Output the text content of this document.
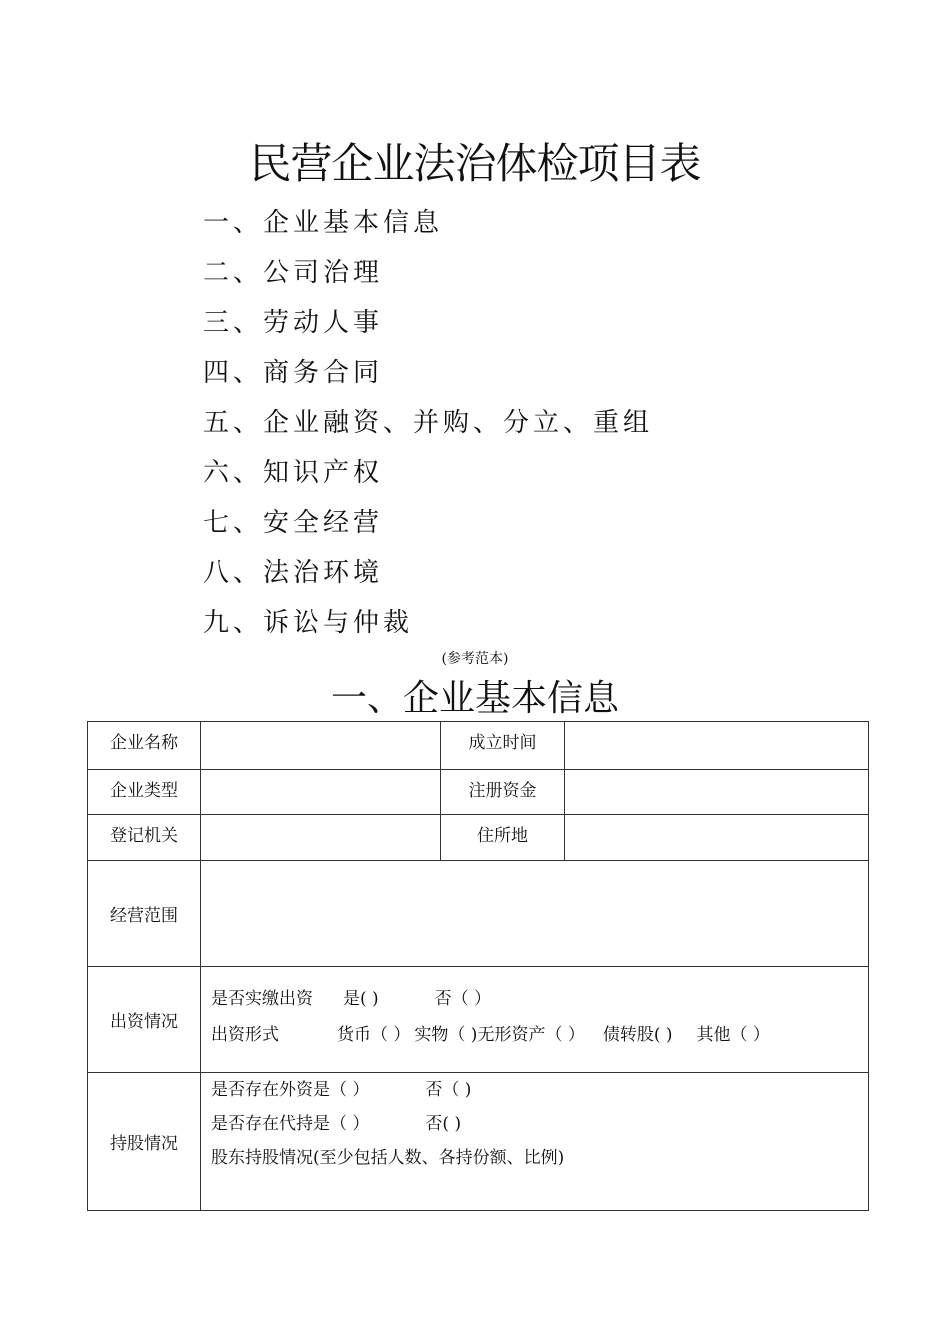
民营企业法治体检项目表
一、企业基本信息
二、公司治理
三、劳动人事
四、商务合同
五、企业融资、并购、分立、重组
六、知识产权
七、安全经营
八、法治环境
九、诉讼与仲裁
(参考范本)
一、企业基本信息
企业名称		成立时间	
企业类型		注册资金	
登记机关		住所地	
经营范围			
出资情况	是否实缴出资 是( ) 否（ ）
出资形式 货币（ ） 实物（ )无形资产（ ） 债转股( ) 其他（ ）		

持股情况	是否存在外资是（ ） 否（ )
是否存在代持是（ ） 否( )
股东持股情况(至少包括人数、各持份额、比例)		
